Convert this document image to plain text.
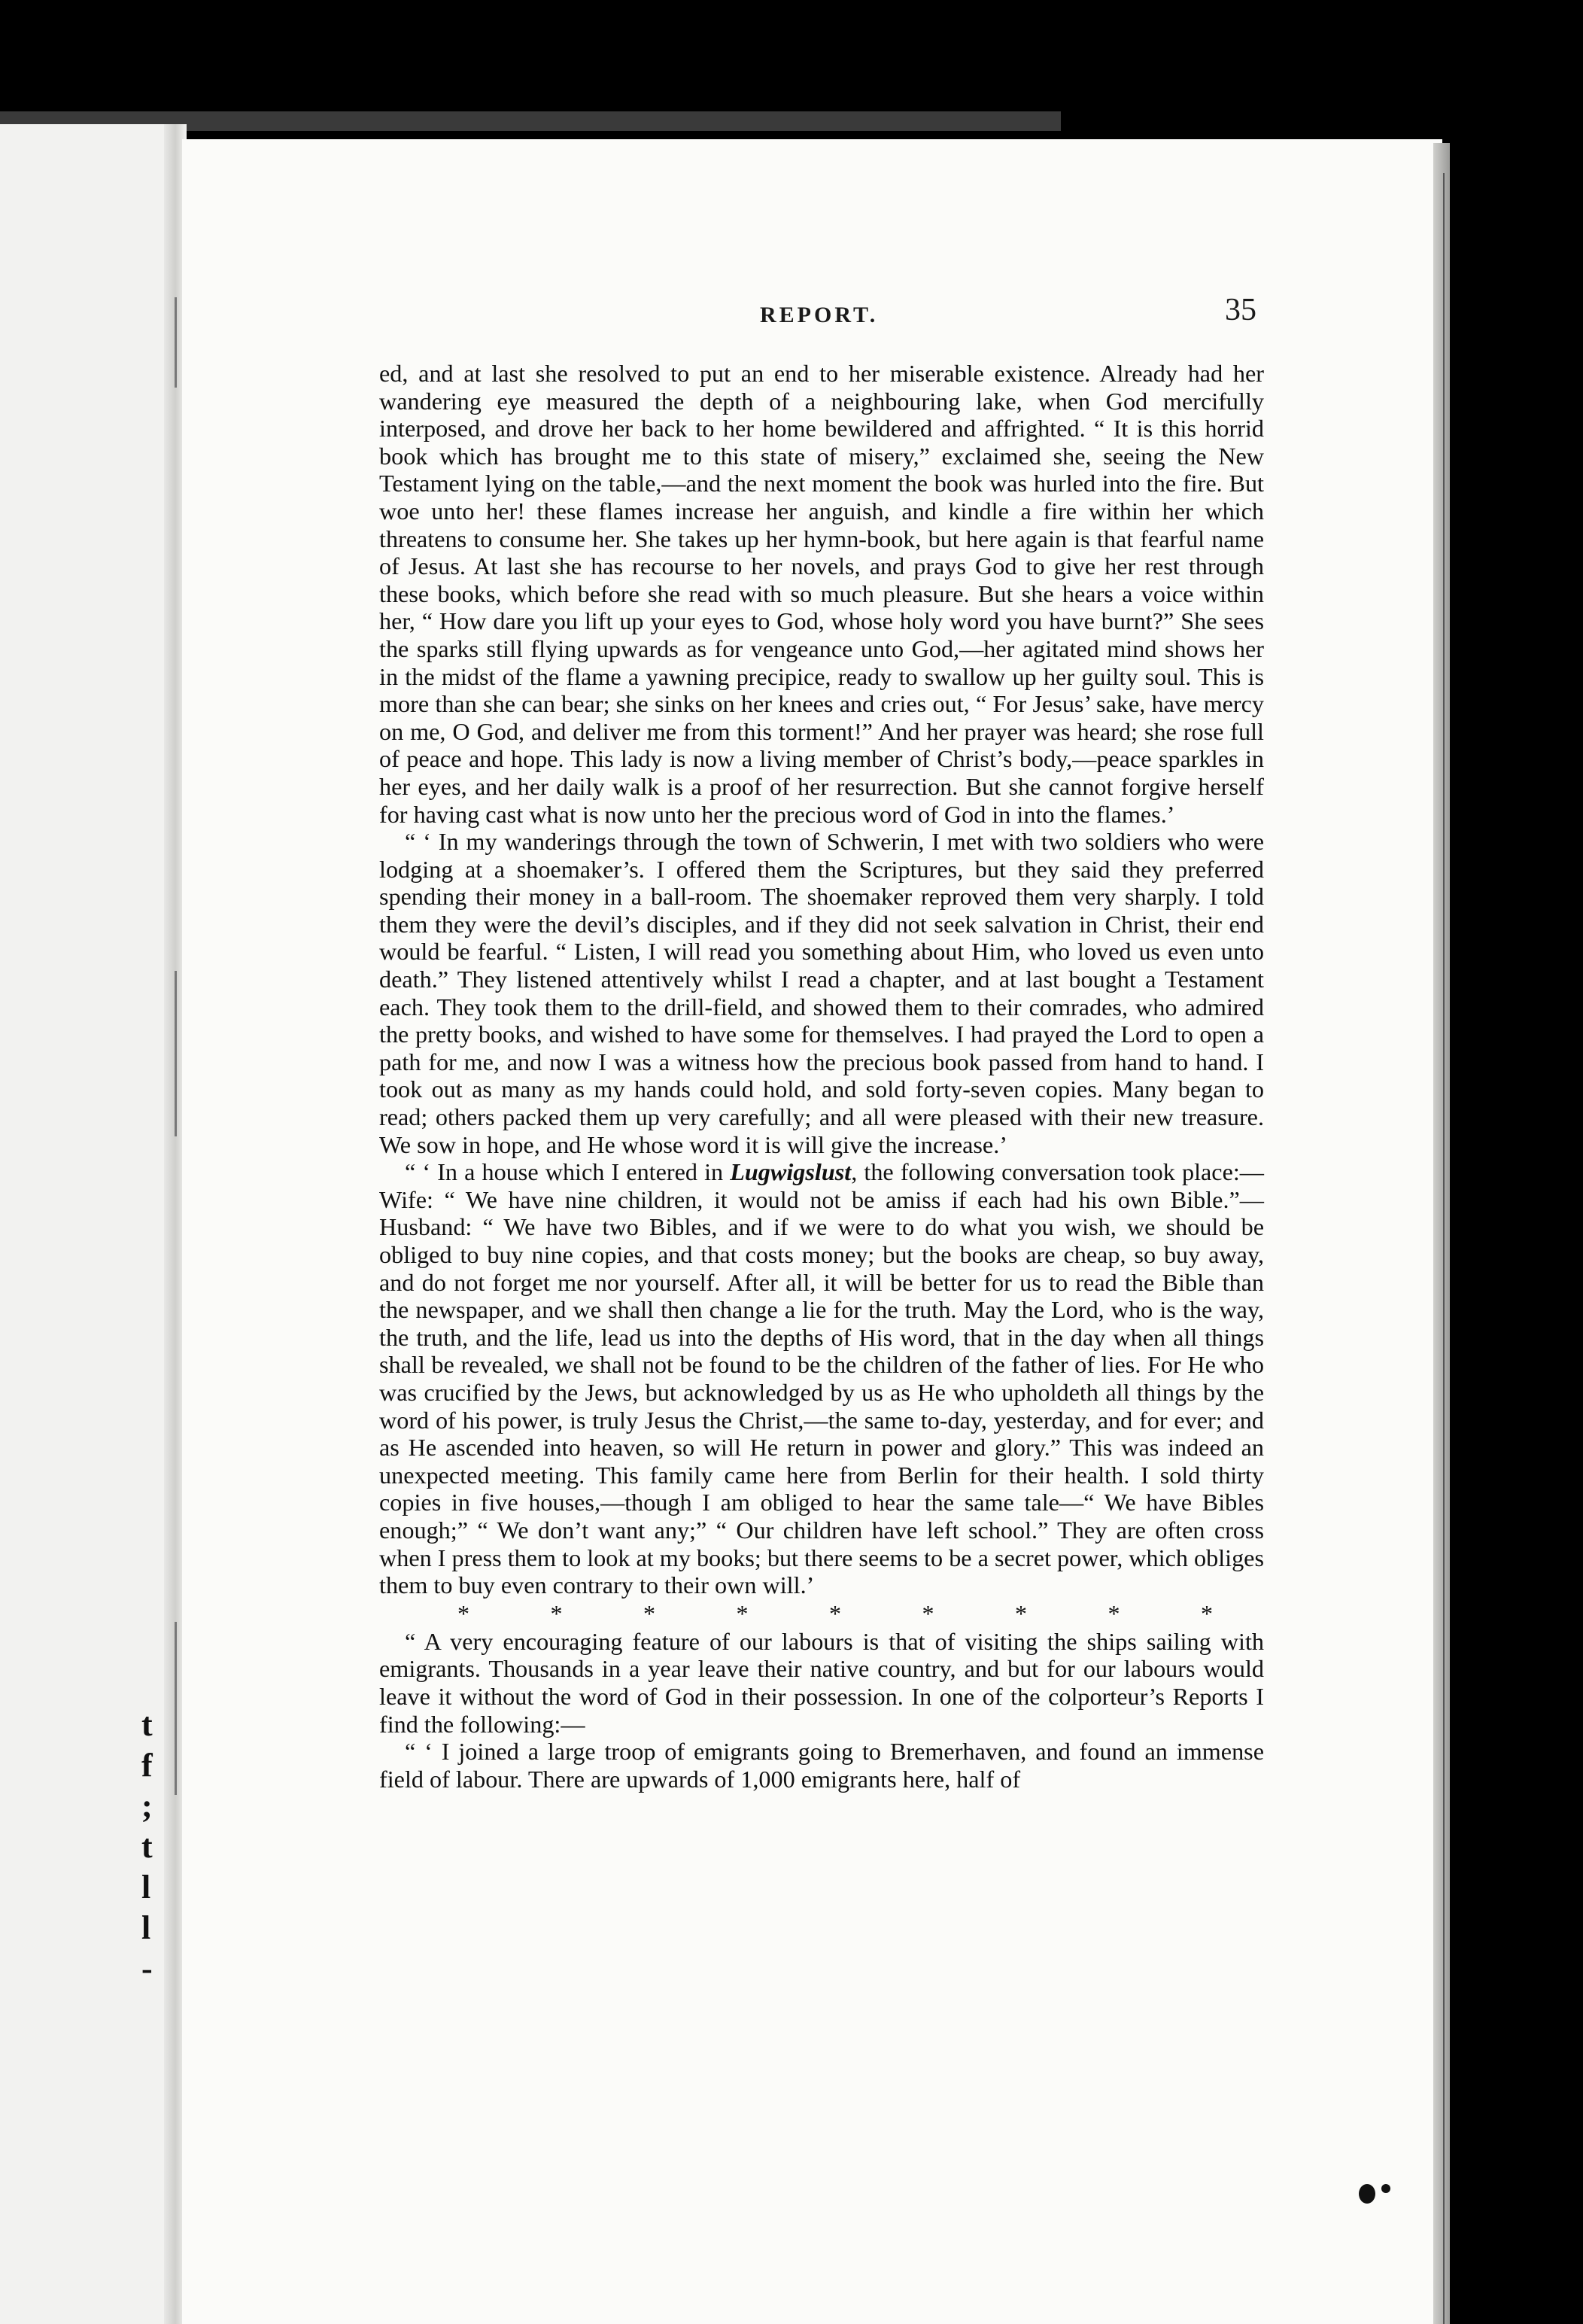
t
f
;
t
l
l
-
REPORT.	35

ed, and at last she resolved to put an end to her miserable existence. Already had her wandering eye measured the depth of a neighbouring lake, when God mercifully interposed, and drove her back to her home bewildered and affrighted. “ It is this horrid book which has brought me to this state of misery,” exclaimed she, seeing the New Testament lying on the table,—and the next moment the book was hurled into the fire. But woe unto her! these flames increase her anguish, and kindle a fire within her which threatens to consume her. She takes up her hymn-book, but here again is that fearful name of Jesus. At last she has recourse to her novels, and prays God to give her rest through these books, which before she read with so much pleasure. But she hears a voice within her, “ How dare you lift up your eyes to God, whose holy word you have burnt?” She sees the sparks still flying upwards as for vengeance unto God,—her agitated mind shows her in the midst of the flame a yawning precipice, ready to swallow up her guilty soul. This is more than she can bear; she sinks on her knees and cries out, “ For Jesus’ sake, have mercy on me, O God, and deliver me from this torment!” And her prayer was heard; she rose full of peace and hope. This lady is now a living member of Christ’s body,—peace sparkles in her eyes, and her daily walk is a proof of her resurrection. But she cannot forgive herself for having cast what is now unto her the precious word of God in into the flames.’

“ ‘ In my wanderings through the town of Schwerin, I met with two soldiers who were lodging at a shoemaker’s. I offered them the Scriptures, but they said they preferred spending their money in a ball-room. The shoemaker reproved them very sharply. I told them they were the devil’s disciples, and if they did not seek salvation in Christ, their end would be fearful. “ Listen, I will read you something about Him, who loved us even unto death.” They listened attentively whilst I read a chapter, and at last bought a Testament each. They took them to the drill-field, and showed them to their comrades, who admired the pretty books, and wished to have some for themselves. I had prayed the Lord to open a path for me, and now I was a witness how the precious book passed from hand to hand. I took out as many as my hands could hold, and sold forty-seven copies. Many began to read; others packed them up very carefully; and all were pleased with their new treasure. We sow in hope, and He whose word it is will give the increase.’

“ ‘ In a house which I entered in Lugwigslust, the following conversation took place:—Wife: “ We have nine children, it would not be amiss if each had his own Bible.”—Husband: “ We have two Bibles, and if we were to do what you wish, we should be obliged to buy nine copies, and that costs money; but the books are cheap, so buy away, and do not forget me nor yourself. After all, it will be better for us to read the Bible than the newspaper, and we shall then change a lie for the truth. May the Lord, who is the way, the truth, and the life, lead us into the depths of His word, that in the day when all things shall be revealed, we shall not be found to be the children of the father of lies. For He who was crucified by the Jews, but acknowledged by us as He who upholdeth all things by the word of his power, is truly Jesus the Christ,—the same to-day, yesterday, and for ever; and as He ascended into heaven, so will He return in power and glory.” This was indeed an unexpected meeting. This family came here from Berlin for their health. I sold thirty copies in five houses,—though I am obliged to hear the same tale—“ We have Bibles enough;” “ We don’t want any;” “ Our children have left school.” They are often cross when I press them to look at my books; but there seems to be a secret power, which obliges them to buy even contrary to their own will.’

*	*	*	*	*	*	*	*	*

“ A very encouraging feature of our labours is that of visiting the ships sailing with emigrants. Thousands in a year leave their native country, and but for our labours would leave it without the word of God in their possession. In one of the colporteur’s Reports I find the following:—

“ ‘ I joined a large troop of emigrants going to Bremerhaven, and found an immense field of labour. There are upwards of 1,000 emigrants here, half of
